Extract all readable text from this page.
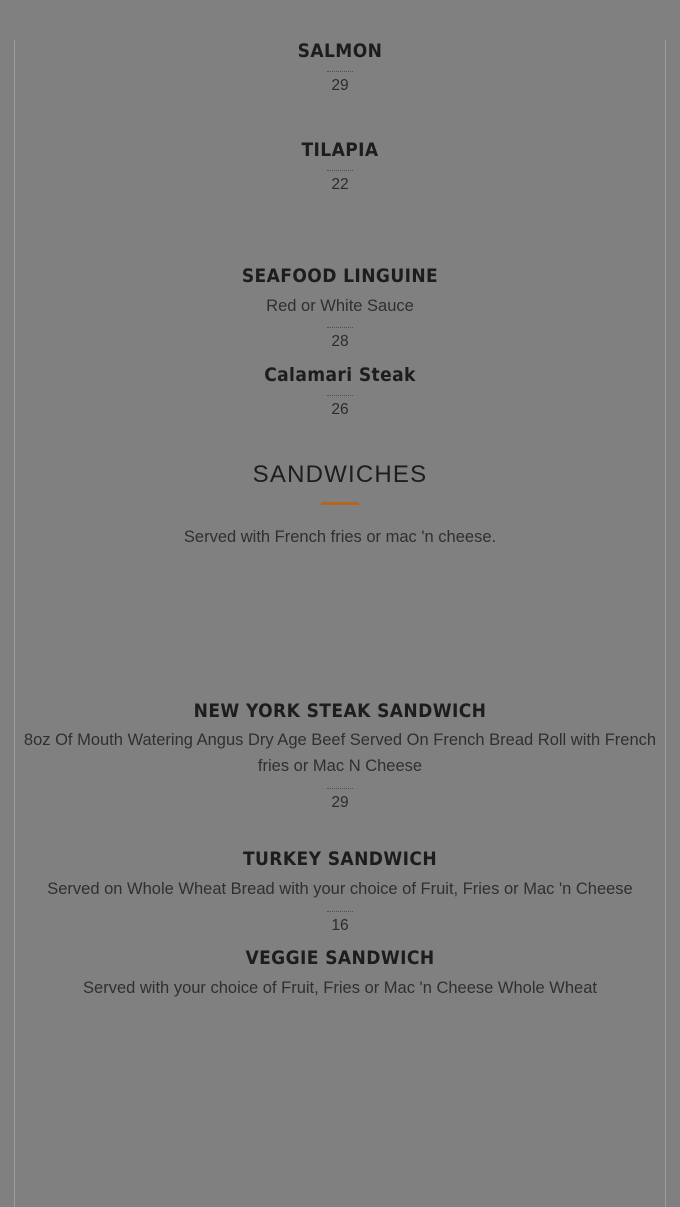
SALMON
29
TILAPIA
22
SEAFOOD LINGUINE
Red or White Sauce
28
Calamari Steak
26
SANDWICHES
Served with French fries or mac 'n cheese.
NEW YORK STEAK SANDWICH
8oz Of Mouth Watering Angus Dry Age Beef Served On French Bread Roll with French fries or Mac N Cheese
29
TURKEY SANDWICH
Served on Whole Wheat Bread with your choice of Fruit, Fries or Mac 'n Cheese
16
VEGGIE SANDWICH
Served with your choice of Fruit, Fries or Mac 'n Cheese Whole Wheat
